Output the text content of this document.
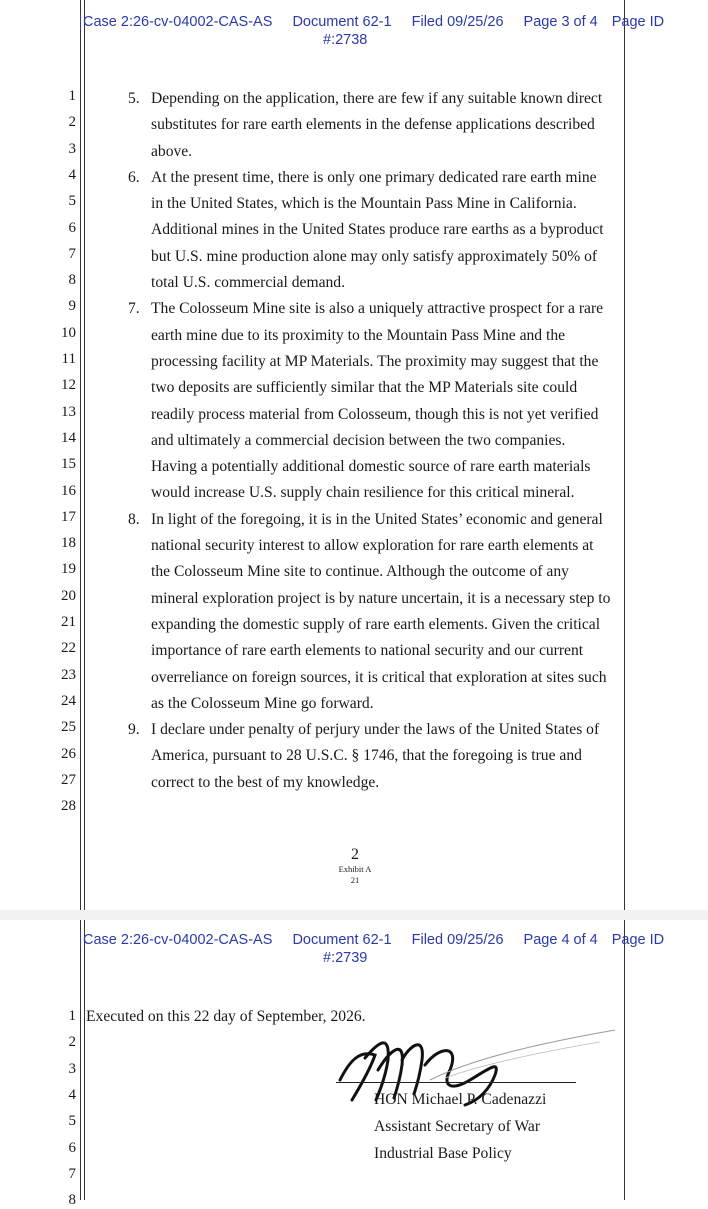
Case 2:26-cv-04002-CAS-AS Document 62-1 Filed 09/25/26 Page 3 of 4 Page ID
#:2738
1
2
3
4
5
6
7
8
9
10
11
12
13
14
15
16
17
18
19
20
21
22
23
24
25
26
27
28
5. Depending on the application, there are few if any suitable known direct
substitutes for rare earth elements in the defense applications described
above.
6. At the present time, there is only one primary dedicated rare earth mine
in the United States, which is the Mountain Pass Mine in California.
Additional mines in the United States produce rare earths as a byproduct
but U.S. mine production alone may only satisfy approximately 50% of
total U.S. commercial demand.
7. The Colosseum Mine site is also a uniquely attractive prospect for a rare
earth mine due to its proximity to the Mountain Pass Mine and the
processing facility at MP Materials. The proximity may suggest that the
two deposits are sufficiently similar that the MP Materials site could
readily process material from Colosseum, though this is not yet verified
and ultimately a commercial decision between the two companies.
Having a potentially additional domestic source of rare earth materials
would increase U.S. supply chain resilience for this critical mineral.
8. In light of the foregoing, it is in the United States’ economic and general
national security interest to allow exploration for rare earth elements at
the Colosseum Mine site to continue. Although the outcome of any
mineral exploration project is by nature uncertain, it is a necessary step to
expanding the domestic supply of rare earth elements. Given the critical
importance of rare earth elements to national security and our current
overreliance on foreign sources, it is critical that exploration at sites such
as the Colosseum Mine go forward.
9. I declare under penalty of perjury under the laws of the United States of
America, pursuant to 28 U.S.C. § 1746, that the foregoing is true and
correct to the best of my knowledge.
2
Exhibit A
21
Case 2:26-cv-04002-CAS-AS Document 62-1 Filed 09/25/26 Page 4 of 4 Page ID
#:2739
1
2
3
4
5
6
7
8
Executed on this 22 day of September, 2026.
HON Michael P. Cadenazzi
Assistant Secretary of War
Industrial Base Policy
